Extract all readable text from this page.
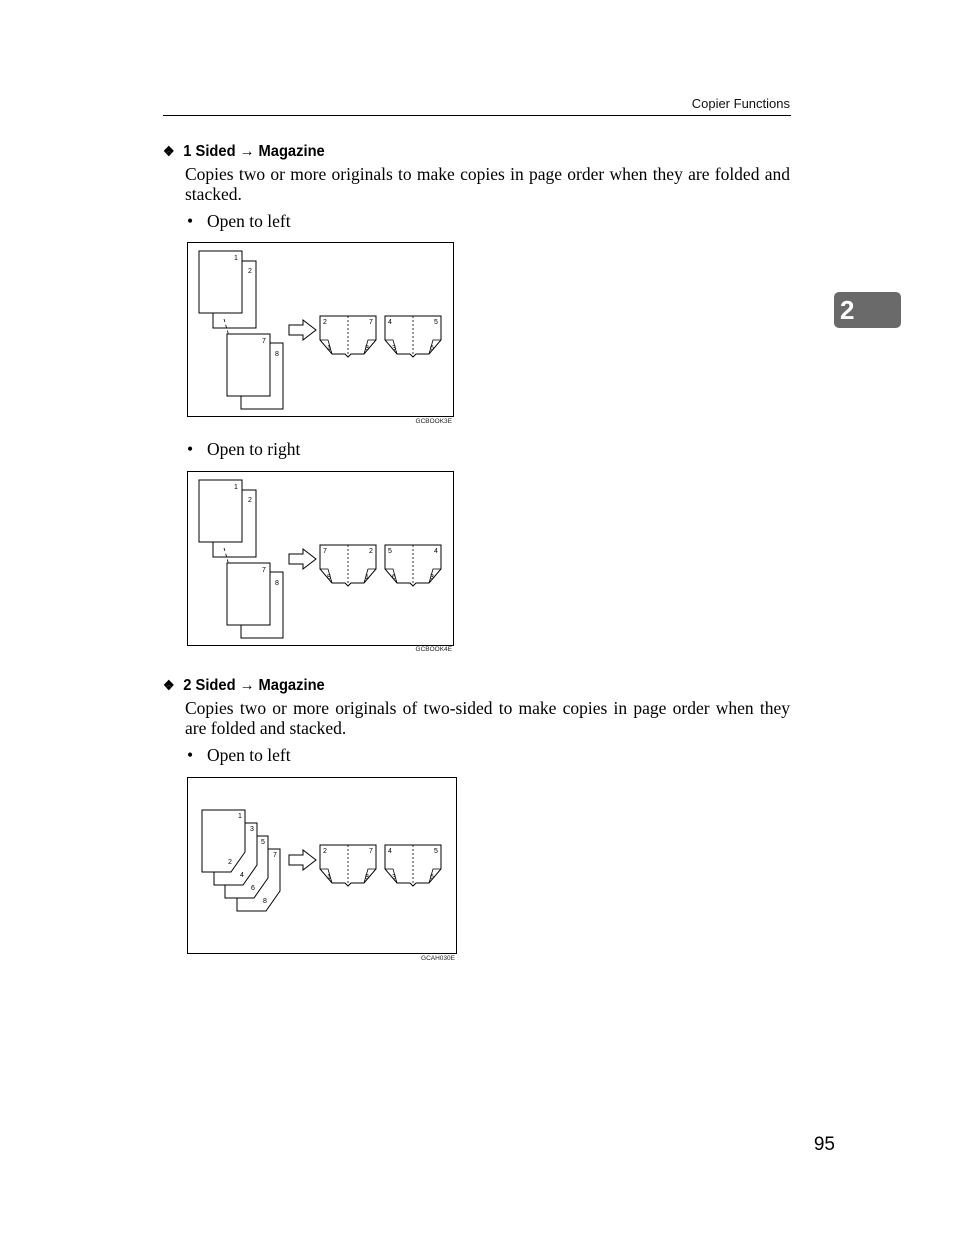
Copier Functions
2
❖ 1 Sided → Magazine
Copies two or more originals to make copies in page order when they are folded and stacked.
• Open to left
1
2
7
8
2	7
1	8
4	5
3	6
GCBOOK3E
• Open to right
1
2
7
8
7	2
8	1
5	4
6	3
GCBOOK4E
❖ 2 Sided → Magazine
Copies two or more originals of two-sided to make copies in page order when they are folded and stacked.
• Open to left
7
8
5
6
3
4
1
2
2	7
1	8
4	5
3	6
GCAH030E
95
